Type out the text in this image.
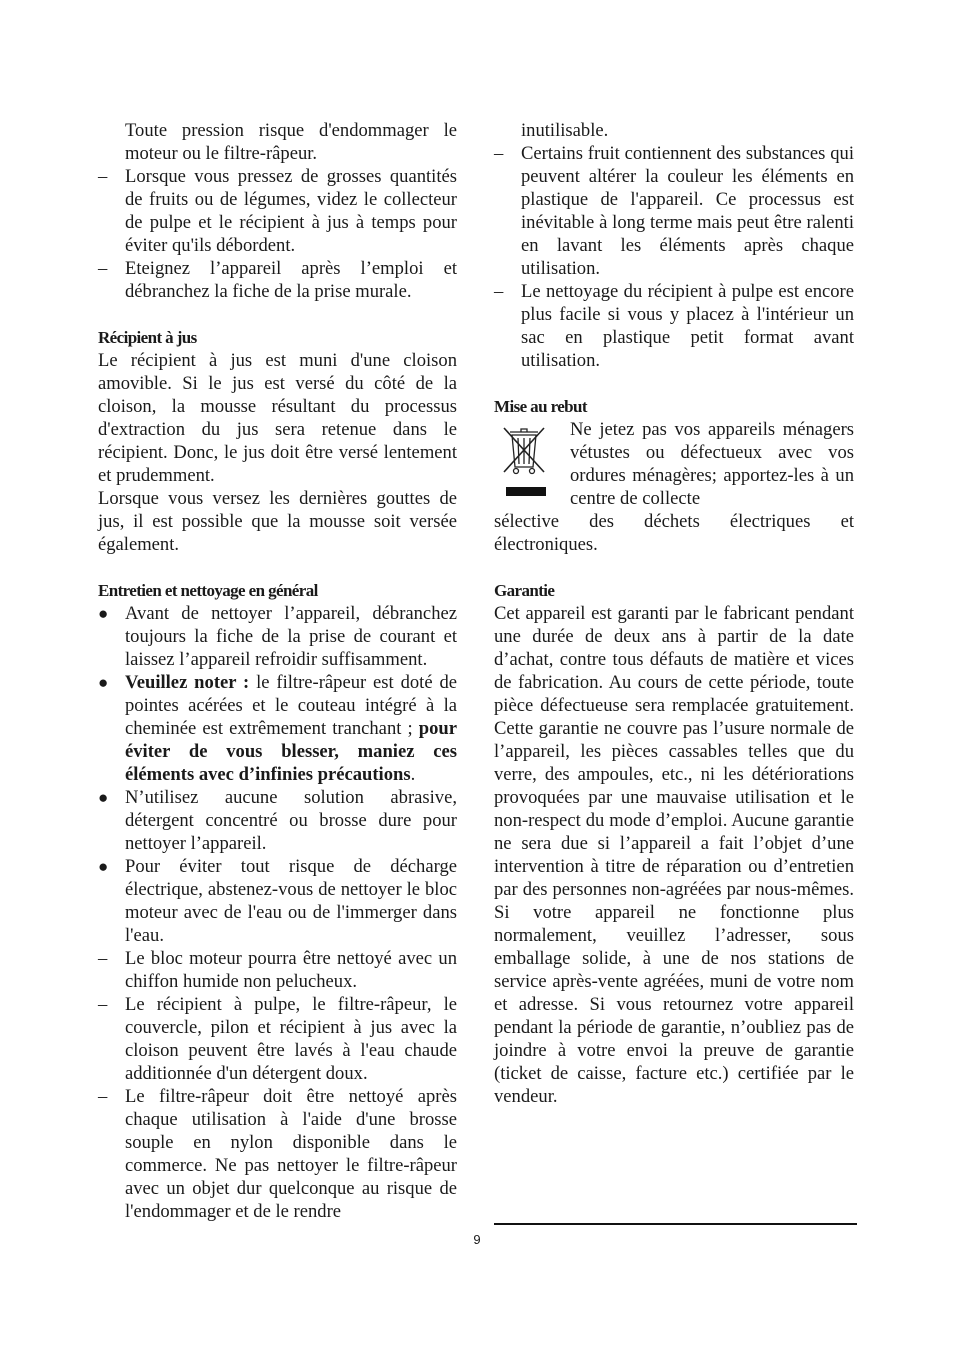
Toute pression risque d'endommager le moteur ou le filtre-râpeur.

– Lorsque vous pressez de grosses quantités de fruits ou de légumes, videz le collecteur de pulpe et le récipient à jus à temps pour éviter qu'ils débordent.
– Eteignez l’appareil après l’emploi et débranchez la fiche de la prise murale.
Récipient à jus

Le récipient à jus est muni d'une cloison amovible. Si le jus est versé du côté de la cloison, la mousse résultant du processus d'extraction du jus sera retenue dans le récipient. Donc, le jus doit être versé lentement et prudemment.

Lorsque vous versez les dernières gouttes de jus, il est possible que la mousse soit versée également.

Entretien et nettoyage en général
● Avant de nettoyer l’appareil, débranchez toujours la fiche de la prise de courant et laissez l’appareil refroidir suffisamment.
● Veuillez noter : le filtre-râpeur est doté de pointes acérées et le couteau intégré à la cheminée est extrêmement tranchant ; pour éviter de vous blesser, maniez ces éléments avec d’infinies précautions.
● N’utilisez aucune solution abrasive, détergent concentré ou brosse dure pour nettoyer l’appareil.
● Pour éviter tout risque de décharge électrique, abstenez-vous de nettoyer le bloc moteur avec de l'eau ou de l'immerger dans l'eau.
– Le bloc moteur pourra être nettoyé avec un chiffon humide non pelucheux.
– Le récipient à pulpe, le filtre-râpeur, le couvercle, pilon et récipient à jus avec la cloison peuvent être lavés à l'eau chaude additionnée d'un détergent doux.
– Le filtre-râpeur doit être nettoyé après chaque utilisation à l'aide d'une brosse souple en nylon disponible dans le commerce. Ne pas nettoyer le filtre-râpeur avec un objet dur quelconque au risque de l'endommager et de le rendre

inutilisable.

– Certains fruit contiennent des substances qui peuvent altérer la couleur les éléments en plastique de l'appareil. Ce processus est inévitable à long terme mais peut être ralenti en lavant les éléments après chaque utilisation.
– Le nettoyage du récipient à pulpe est encore plus facile si vous y placez à l'intérieur un sac en plastique petit format avant utilisation.
Mise au rebut

Ne jetez pas vos appareils ménagers vétustes ou défectueux avec vos ordures ménagères; apportez-les à un centre de collecte

sélective des déchets électriques et électroniques.

Garantie

Cet appareil est garanti par le fabricant pendant une durée de deux ans à partir de la date d’achat, contre tous défauts de matière et vices de fabrication. Au cours de cette période, toute pièce défectueuse sera remplacée gratuitement. Cette garantie ne couvre pas l’usure normale de l’appareil, les pièces cassables telles que du verre, des ampoules, etc., ni les détériorations provoquées par une mauvaise utilisation et le non-respect du mode d’emploi. Aucune garantie ne sera due si l’appareil a fait l’objet d’une intervention à titre de réparation ou d’entretien par des personnes non-agréées par nous-mêmes. Si votre appareil ne fonctionne plus normalement, veuillez l’adresser, sous emballage solide, à une de nos stations de service après-vente agréées, muni de votre nom et adresse. Si vous retournez votre appareil pendant la période de garantie, n’oubliez pas de joindre à votre envoi la preuve de garantie (ticket de caisse, facture etc.) certifiée par le vendeur.

9
